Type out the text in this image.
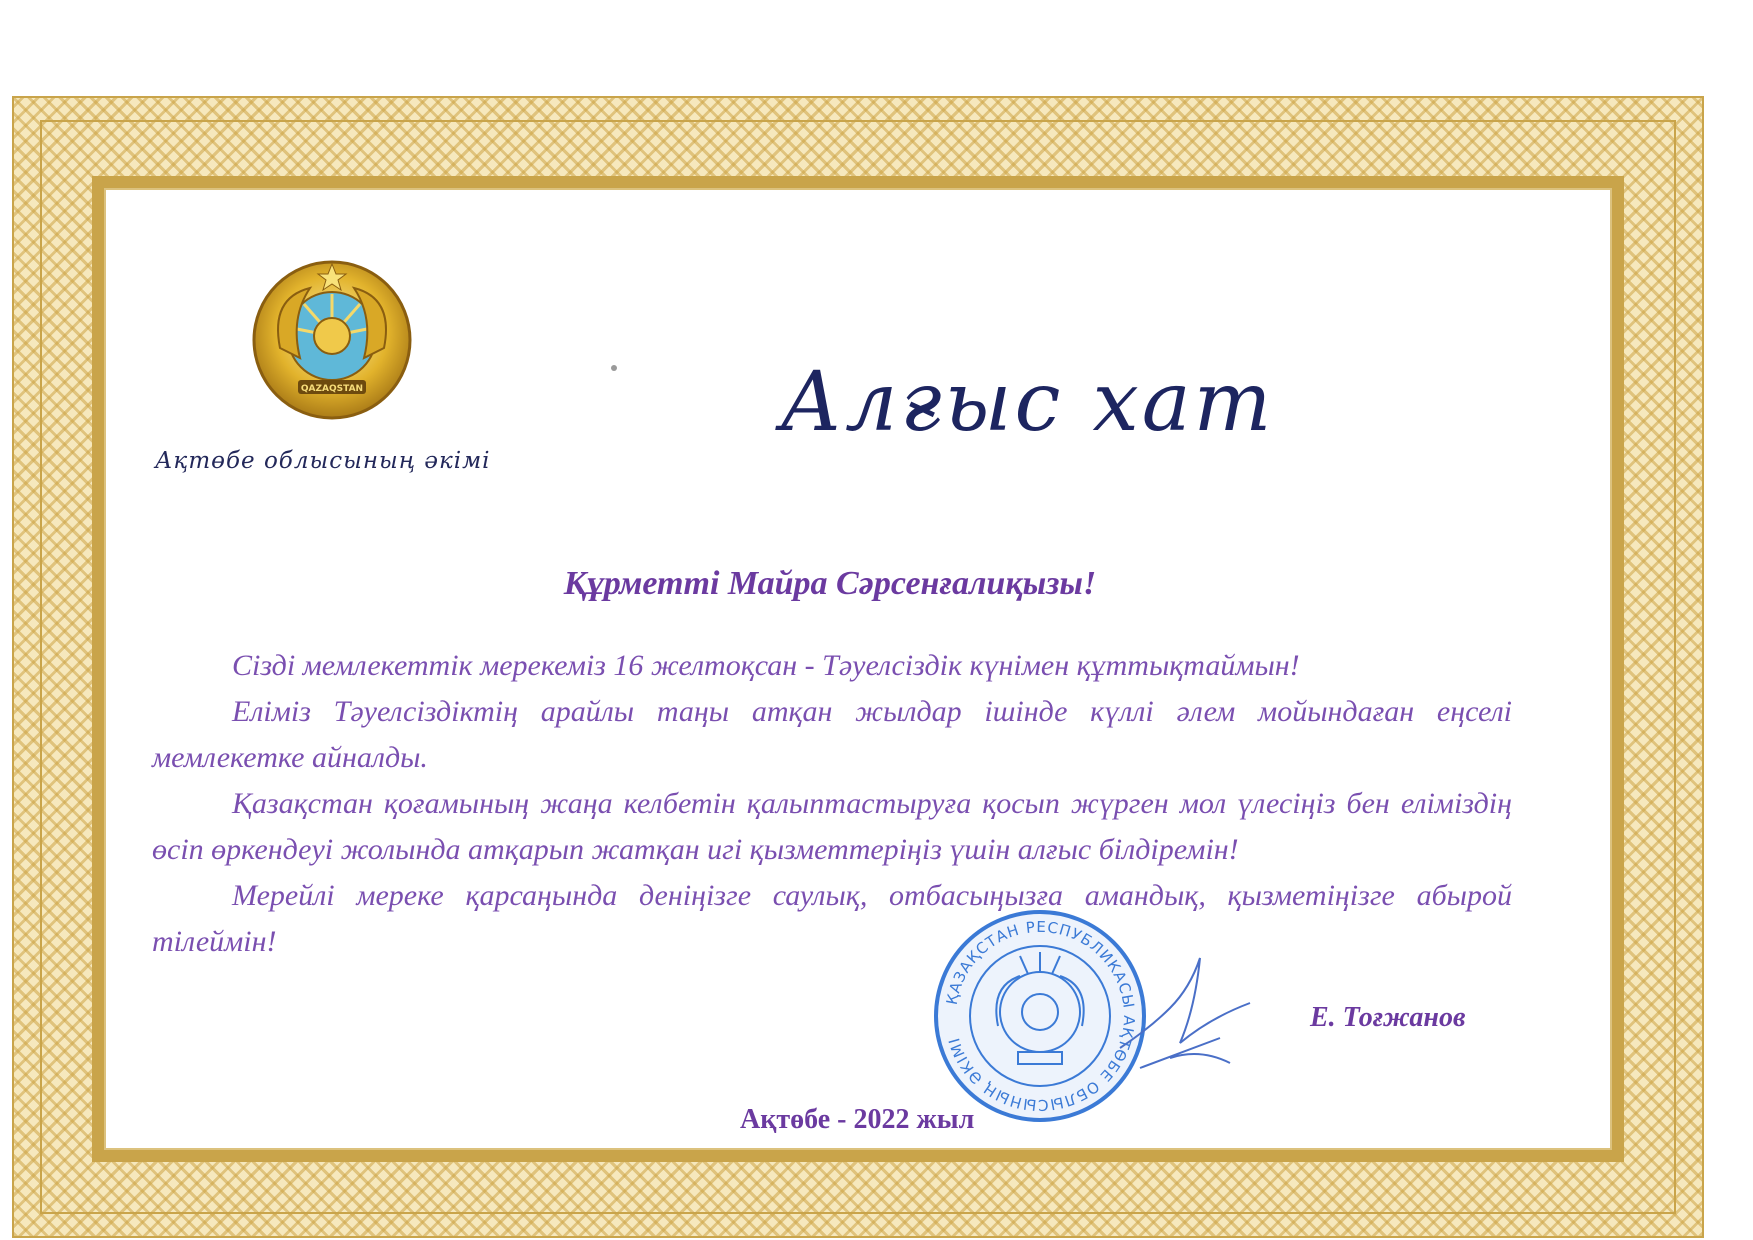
QAZAQSTAN
Ақтөбе облысының әкімі
Алғыс хат
Құрметті Майра Сәрсенғалиқызы!

Сізді мемлекеттік мерекеміз 16 желтоқсан - Тәуелсіздік күнімен құттықтаймын!

Еліміз Тәуелсіздіктің арайлы таңы атқан жылдар ішінде күллі әлем мойындаған еңселі мемлекетке айналды.

Қазақстан қоғамының жаңа келбетін қалыптастыруға қосып жүрген мол үлесіңіз бен еліміздің өсіп өркендеуі жолында атқарып жатқан игі қызметтеріңіз үшін алғыс білдіремін!

Мерейлі мереке қарсаңында деніңізге саулық, отбасыңызға амандық, қызметіңізге абырой тілеймін!

ҚАЗАҚСТАН РЕСПУБЛИКАСЫ АҚТӨБЕ ОБЛЫСЫНЫҢ ӘКІМІ
Е. Тоғжанов
Ақтөбе - 2022 жыл
